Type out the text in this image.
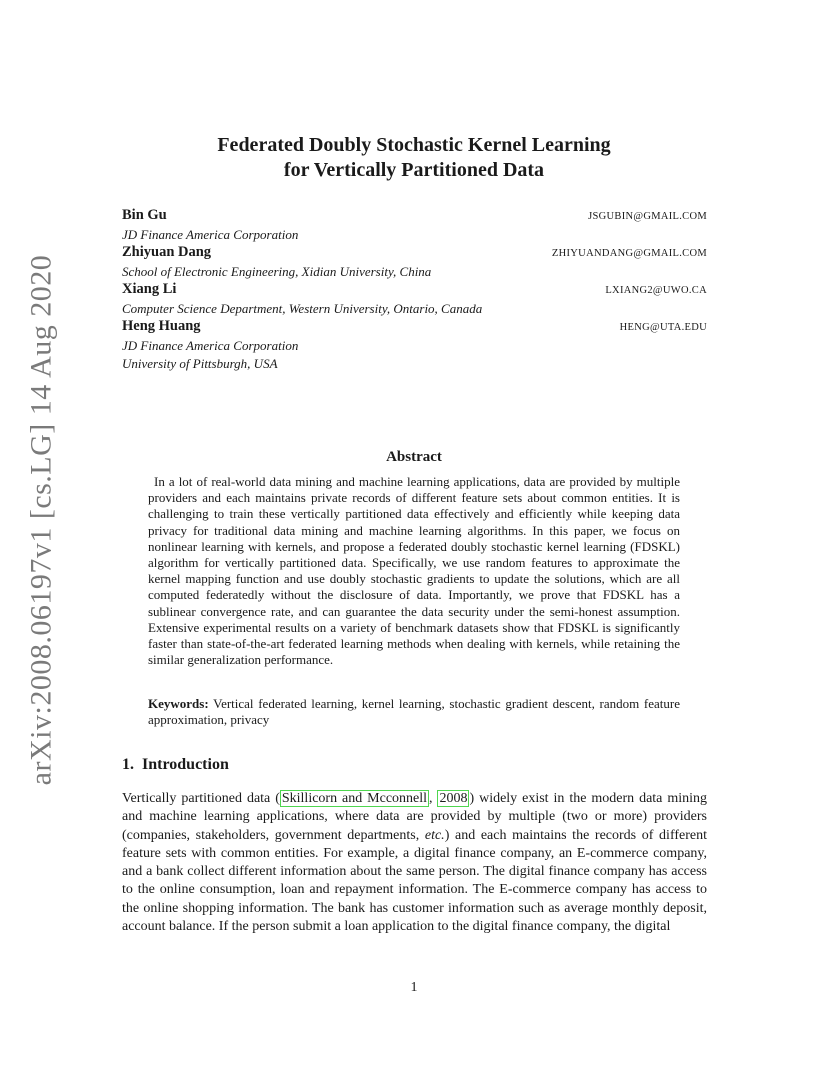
arXiv:2008.06197v1 [cs.LG] 14 Aug 2020
Federated Doubly Stochastic Kernel Learning
for Vertically Partitioned Data
Bin Gu	JSGUBIN@GMAIL.COM
JD Finance America Corporation
Zhiyuan Dang	ZHIYUANDANG@GMAIL.COM
School of Electronic Engineering, Xidian University, China
Xiang Li	LXIANG2@UWO.CA
Computer Science Department, Western University, Ontario, Canada
Heng Huang	HENG@UTA.EDU
JD Finance America Corporation
University of Pittsburgh, USA
Abstract

In a lot of real-world data mining and machine learning applications, data are provided by multiple providers and each maintains private records of different feature sets about common entities. It is challenging to train these vertically partitioned data effectively and efficiently while keeping data privacy for traditional data mining and machine learning algorithms. In this paper, we focus on nonlinear learning with kernels, and propose a federated doubly stochastic kernel learning (FDSKL) algorithm for vertically partitioned data. Specifically, we use random features to approximate the kernel mapping function and use doubly stochastic gradients to update the solutions, which are all computed federatedly without the disclosure of data. Importantly, we prove that FDSKL has a sublinear convergence rate, and can guarantee the data security under the semi-honest assumption. Extensive experimental results on a variety of benchmark datasets show that FDSKL is significantly faster than state-of-the-art federated learning methods when dealing with kernels, while retaining the similar generalization performance.

Keywords: Vertical federated learning, kernel learning, stochastic gradient descent, random feature approximation, privacy

1. Introduction

Vertically partitioned data ( Skillicorn and Mcconnell , 2008 ) widely exist in the modern data mining and machine learning applications, where data are provided by multiple (two or more) providers (companies, stakeholders, government departments, etc.) and each maintains the records of different feature sets with common entities. For example, a digital finance company, an E-commerce company, and a bank collect different information about the same person. The digital finance company has access to the online consumption, loan and repayment information. The E-commerce company has access to the online shopping information. The bank has customer information such as average monthly deposit, account balance. If the person submit a loan application to the digital finance company, the digital

1
